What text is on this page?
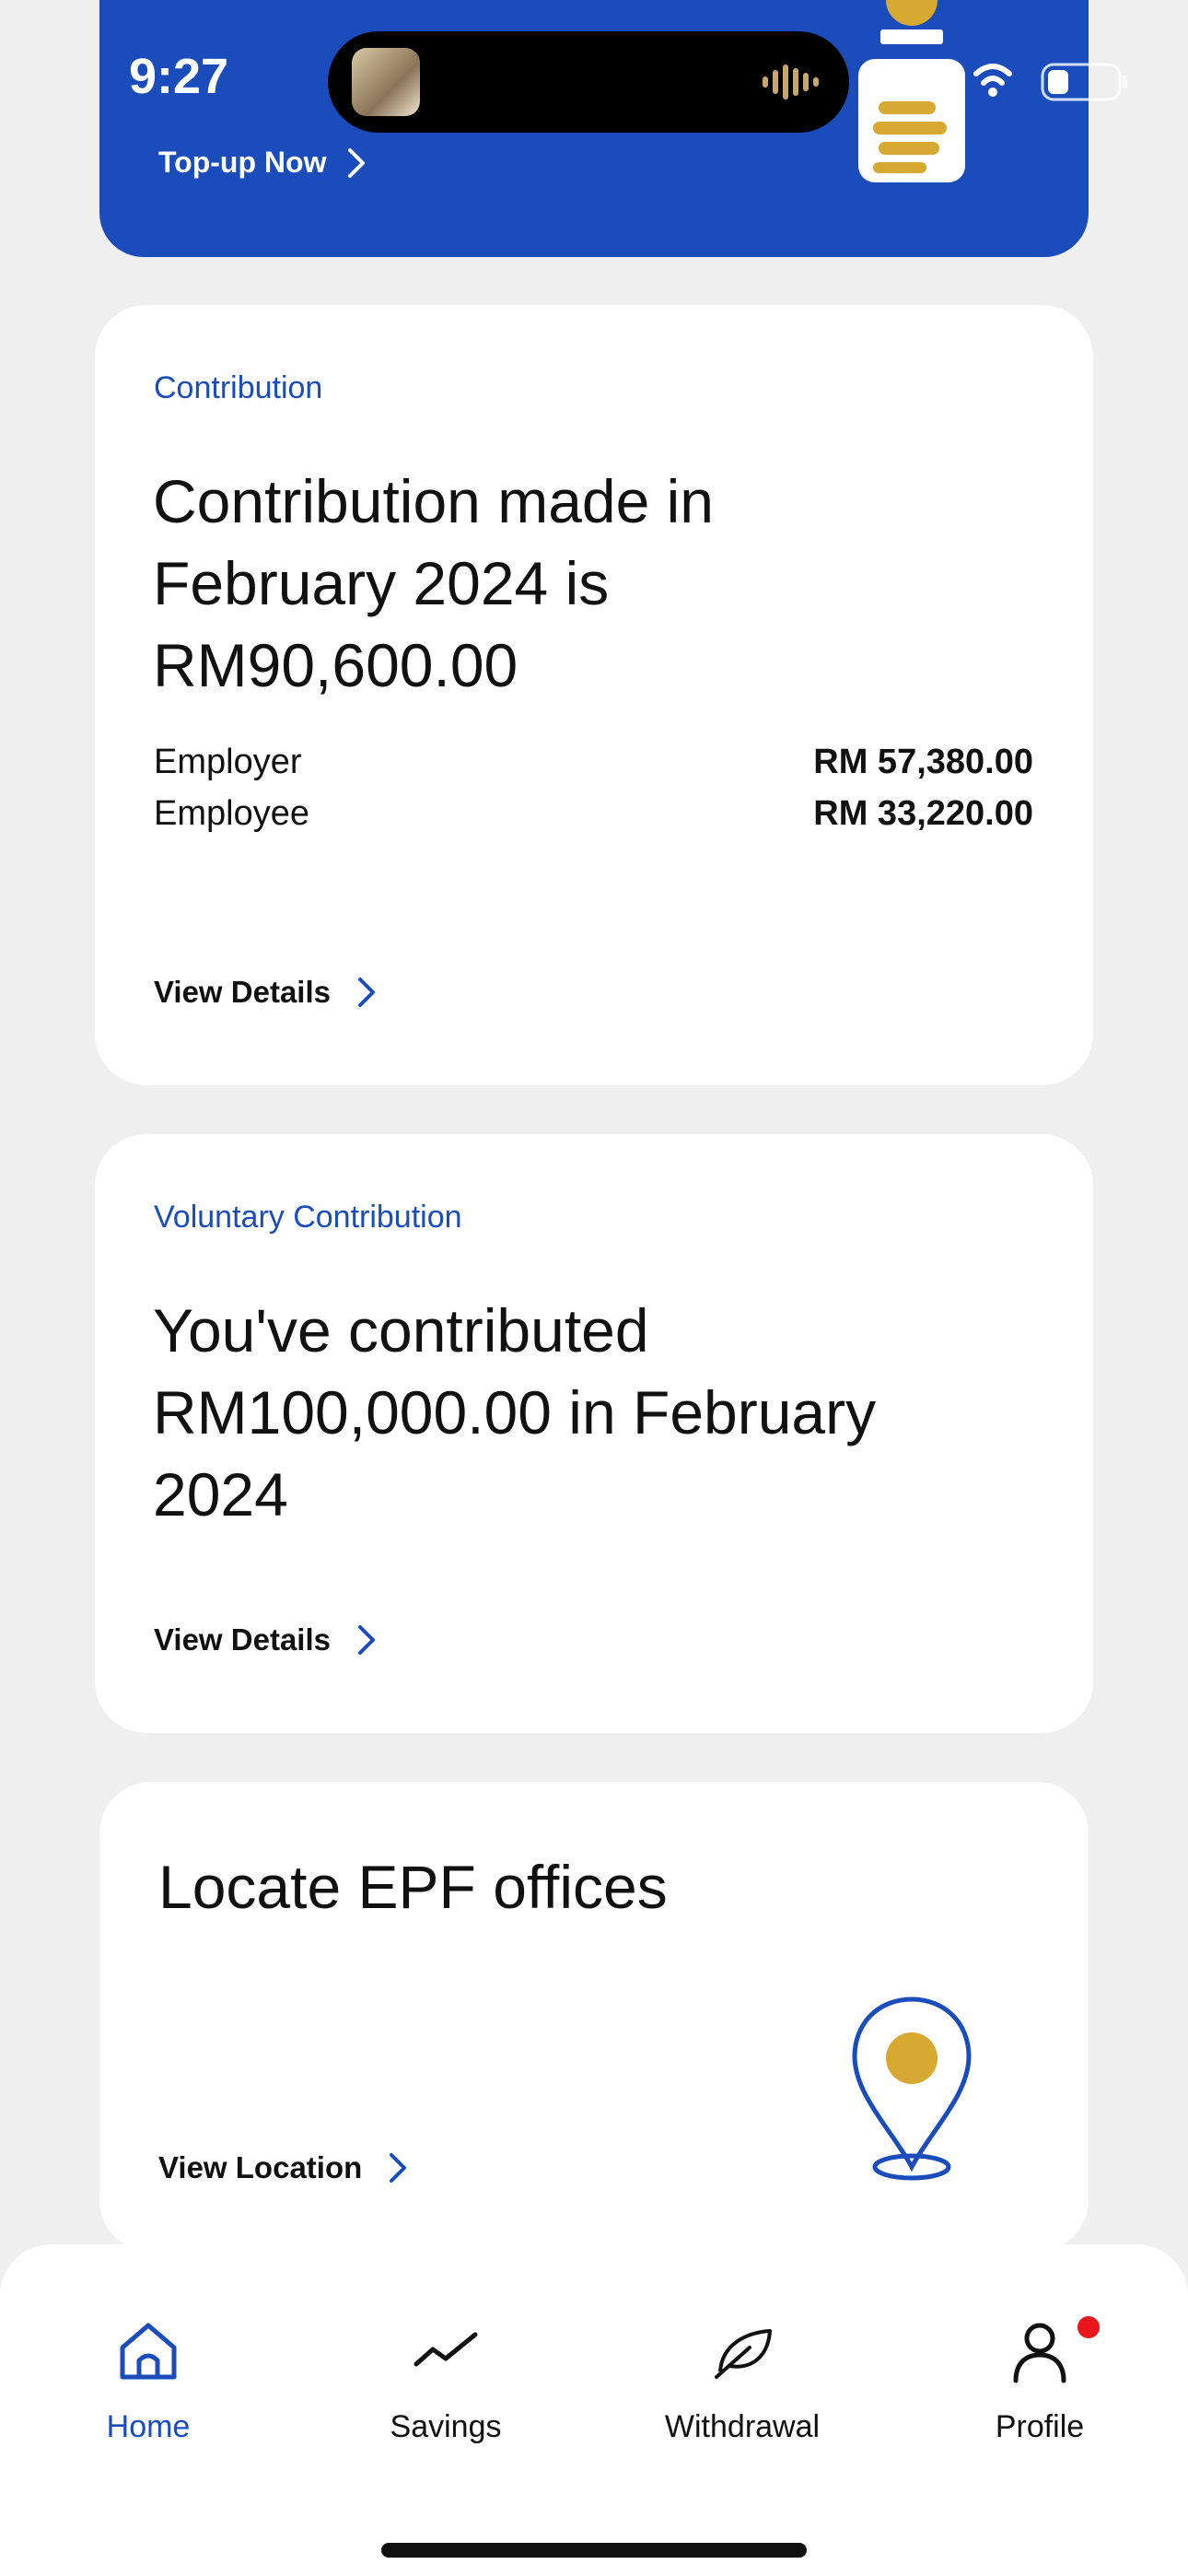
9:27
Top-up Now
Contribution
Contribution made in
February 2024 is
RM90,600.00
Employer	RM 57,380.00
Employee	RM 33,220.00
View Details
Voluntary Contribution
You've contributed
RM100,000.00 in February
2024
View Details
Locate EPF offices
View Location
Home	Savings	Withdrawal	Profile
